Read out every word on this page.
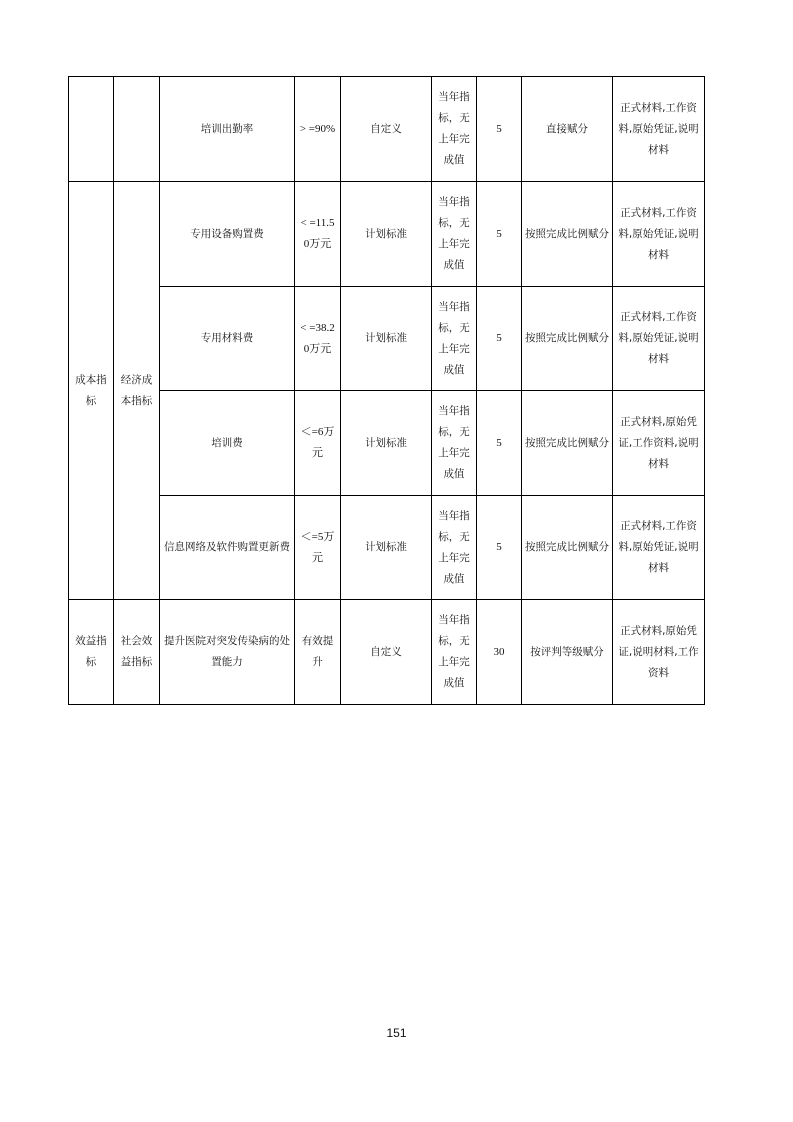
		培训出勤率	> =90%	自定义	当年指标，无上年完成值	5	直接赋分	正式材料,工作资料,原始凭证,说明材料
成本指标	经济成本指标	专用设备购置费	< =11.50万元	计划标准	当年指标，无上年完成值	5	按照完成比例赋分	正式材料,工作资料,原始凭证,说明材料
		专用材料费	< =38.20万元	计划标准	当年指标，无上年完成值	5	按照完成比例赋分	正式材料,工作资料,原始凭证,说明材料
		培训费	＜=6万元	计划标准	当年指标，无上年完成值	5	按照完成比例赋分	正式材料,原始凭证,工作资料,说明材料
		信息网络及软件购置更新费	＜=5万元	计划标准	当年指标，无上年完成值	5	按照完成比例赋分	正式材料,工作资料,原始凭证,说明材料
效益指标	社会效益指标	提升医院对突发传染病的处置能力	有效提升	自定义	当年指标，无上年完成值	30	按评判等级赋分	正式材料,原始凭证,说明材料,工作资料
151
